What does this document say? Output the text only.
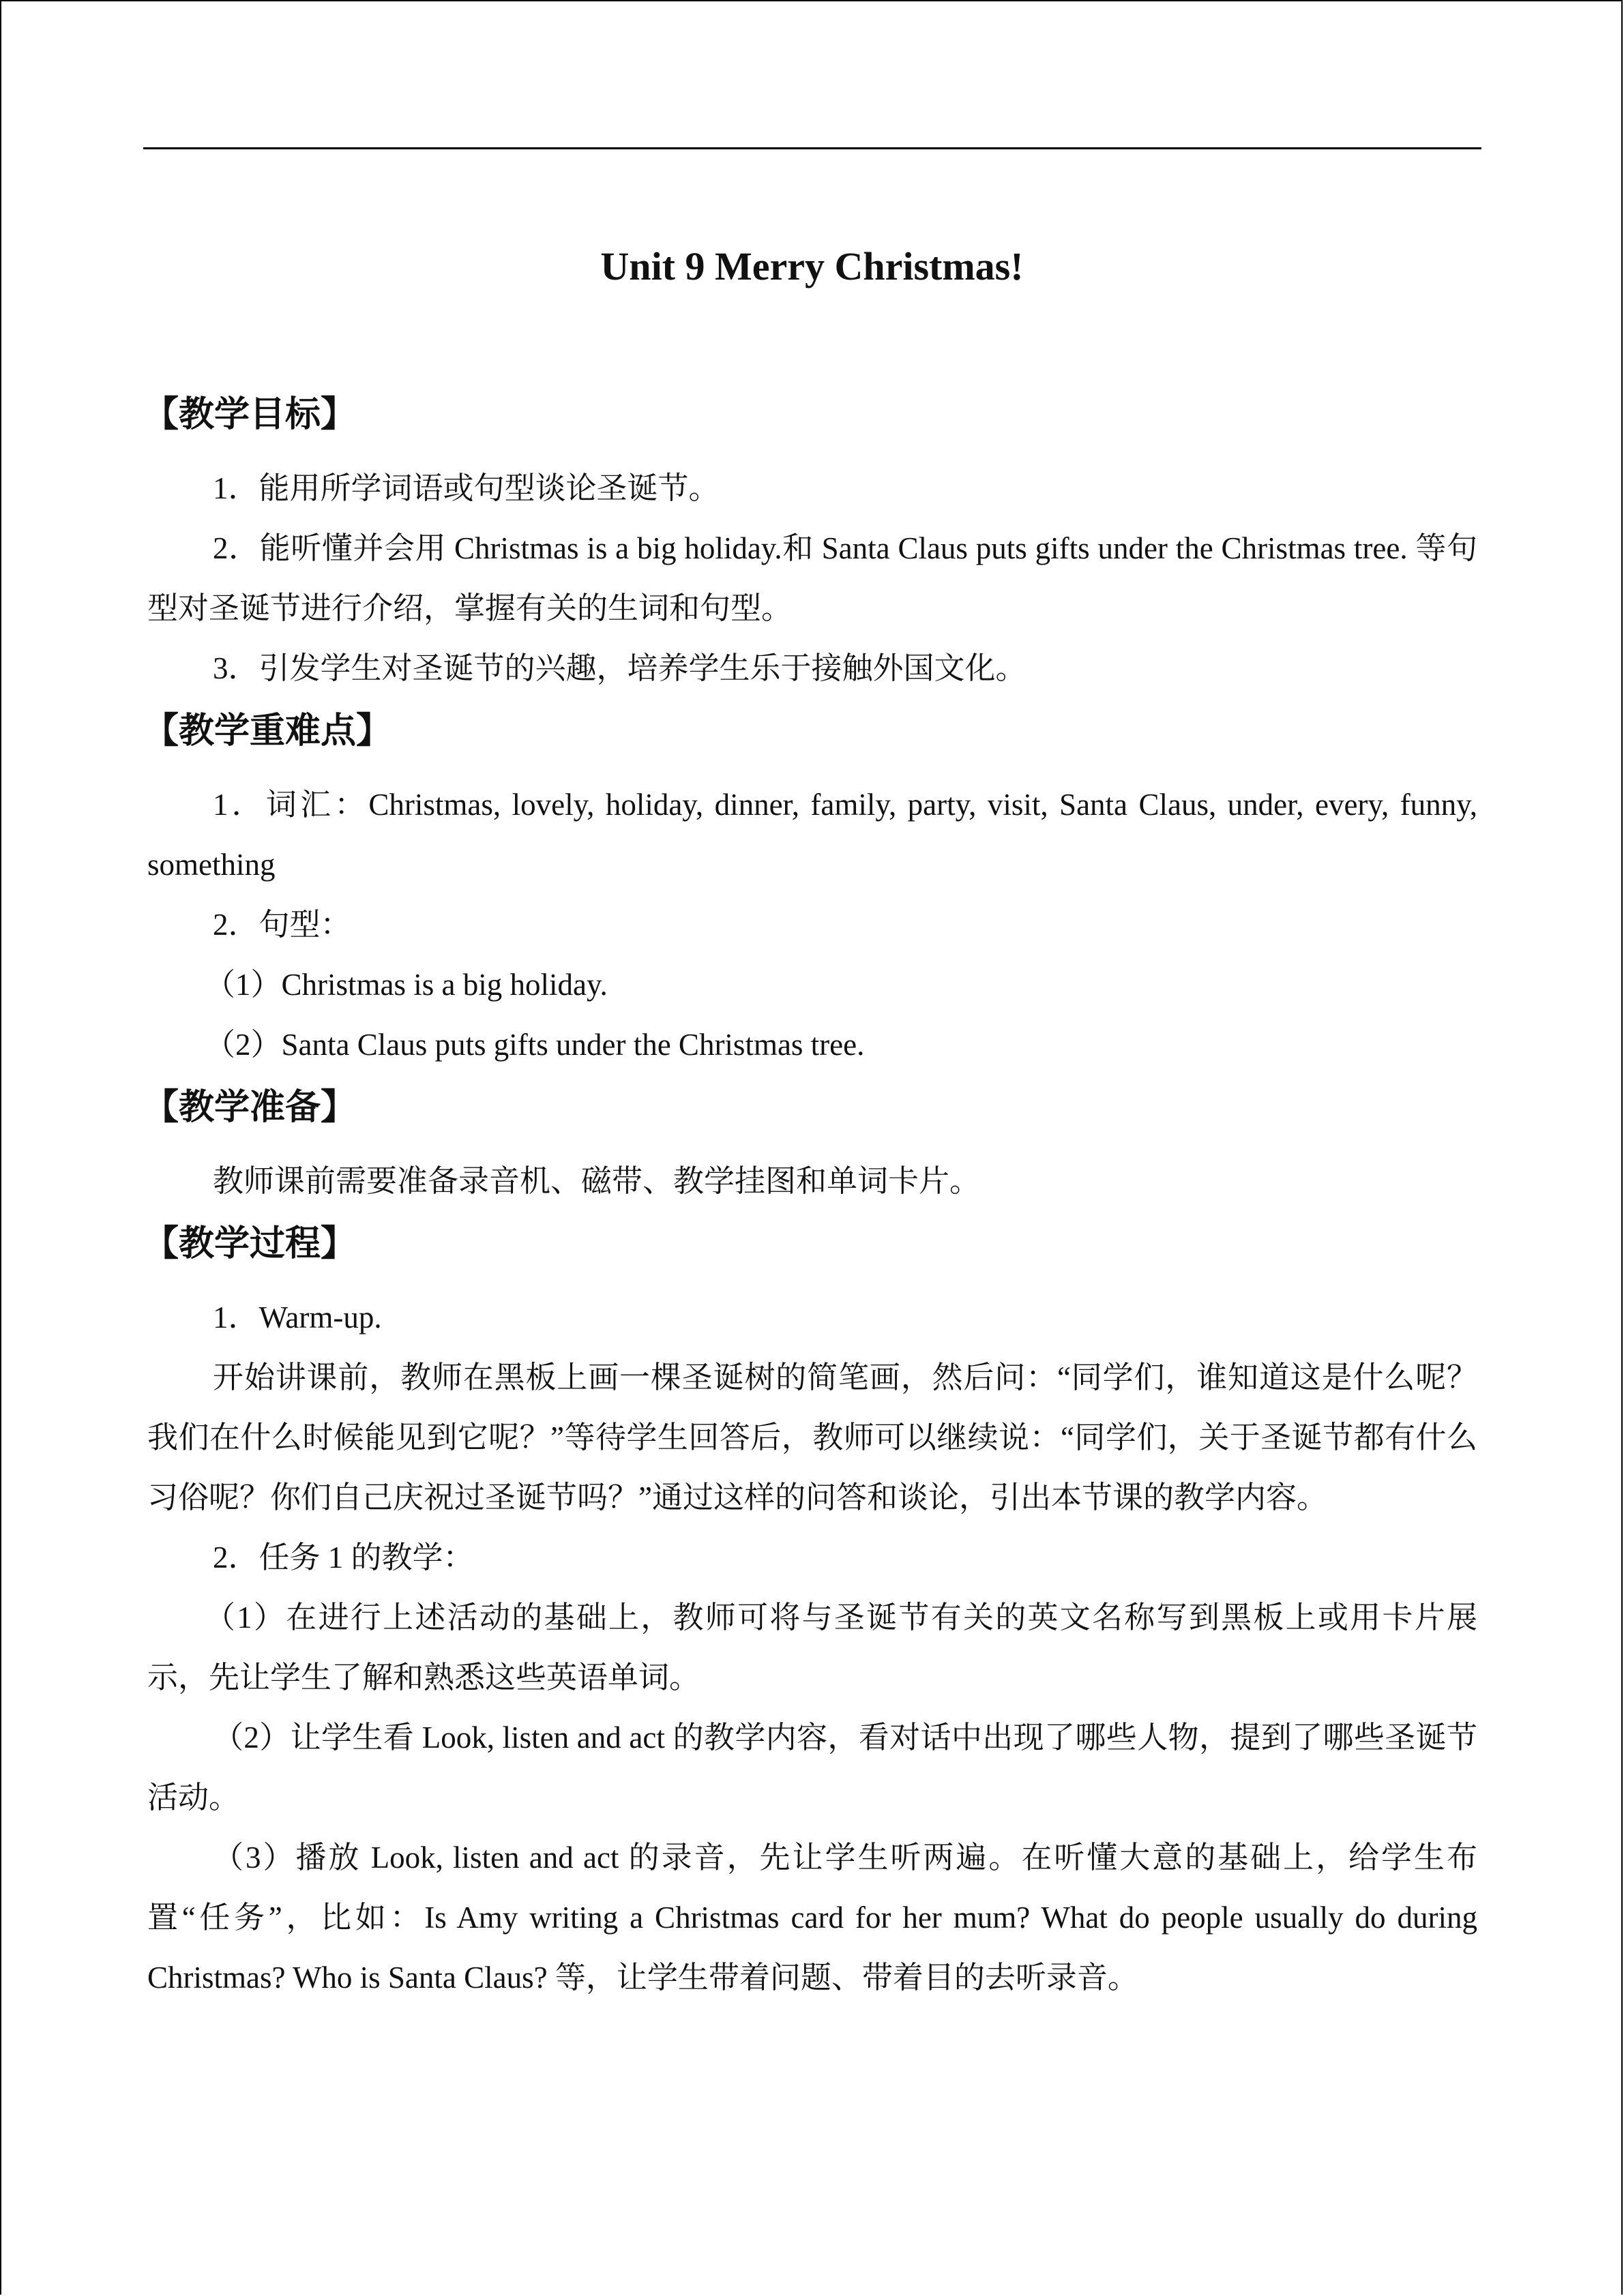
Unit 9 Merry Christmas!
【教学目标】

1．能用所学词语或句型谈论圣诞节。

2．能听懂并会用 Christmas is a big holiday.和 Santa Claus puts gifts under the Christmas tree. 等句型对圣诞节进行介绍，掌握有关的生词和句型。

3．引发学生对圣诞节的兴趣，培养学生乐于接触外国文化。

【教学重难点】

1．词汇：Christmas, lovely, holiday, dinner, family, party, visit, Santa Claus, under, every, funny, something

2．句型：

（1）Christmas is a big holiday.

（2）Santa Claus puts gifts under the Christmas tree.

【教学准备】

教师课前需要准备录音机、磁带、教学挂图和单词卡片。

【教学过程】

1．Warm-up.

开始讲课前，教师在黑板上画一棵圣诞树的简笔画，然后问：“同学们，谁知道这是什么呢？我们在什么时候能见到它呢？”等待学生回答后，教师可以继续说：“同学们，关于圣诞节都有什么习俗呢？你们自己庆祝过圣诞节吗？”通过这样的问答和谈论，引出本节课的教学内容。

2．任务 1 的教学：

（1）在进行上述活动的基础上，教师可将与圣诞节有关的英文名称写到黑板上或用卡片展示，先让学生了解和熟悉这些英语单词。

（2）让学生看 Look, listen and act 的教学内容，看对话中出现了哪些人物，提到了哪些圣诞节活动。

（3）播放 Look, listen and act 的录音，先让学生听两遍。在听懂大意的基础上，给学生布置“任务”，比如：Is Amy writing a Christmas card for her mum? What do people usually do during Christmas? Who is Santa Claus? 等，让学生带着问题、带着目的去听录音。
